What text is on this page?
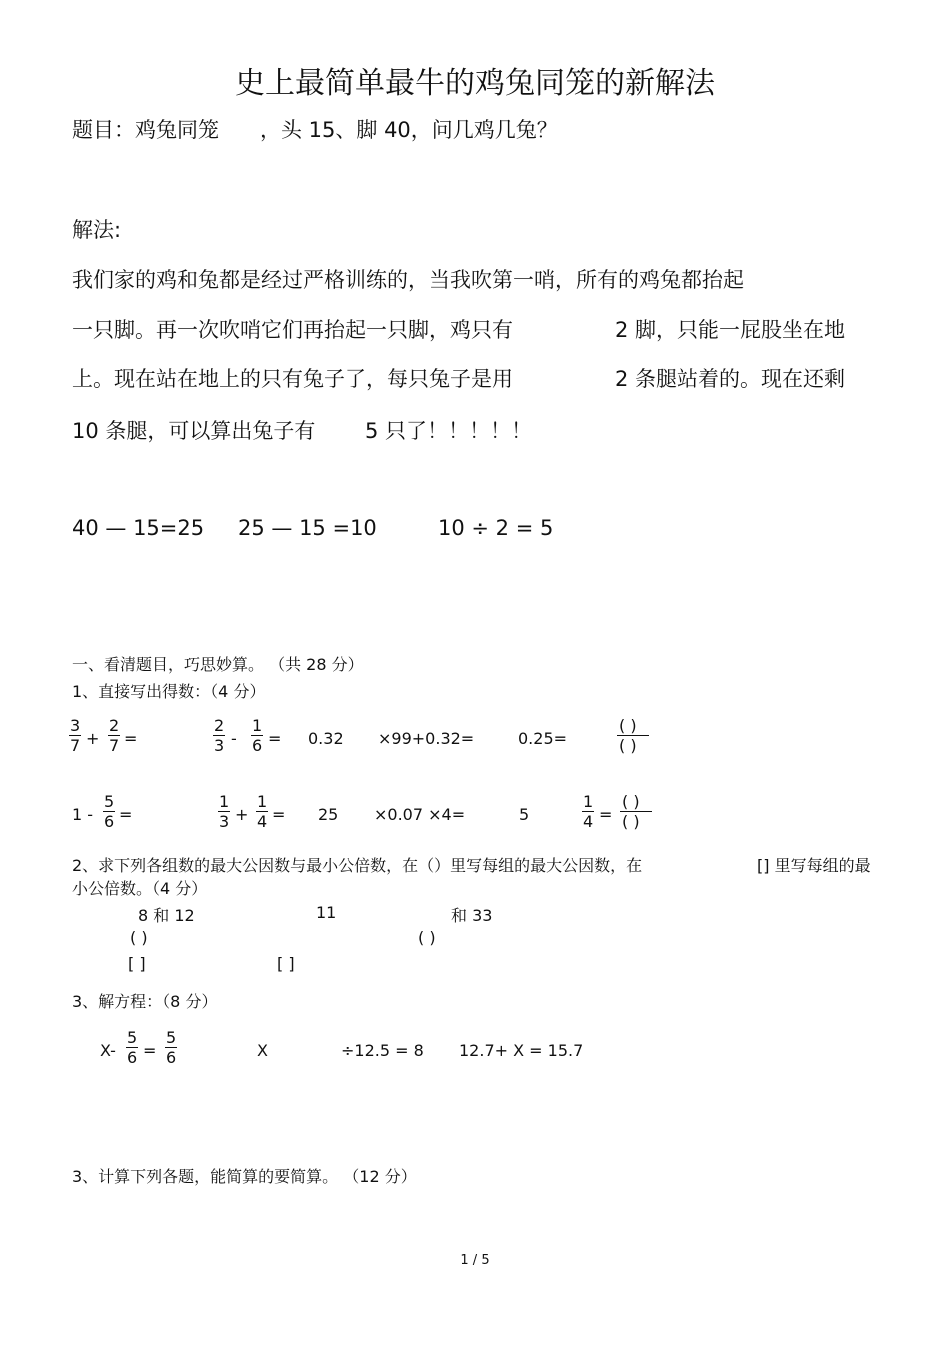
史上最简单最牛的鸡兔同笼的新解法
题目：鸡兔同笼 ，头 15、脚 40，问几鸡几兔？
解法:
我们家的鸡和兔都是经过严格训练的，当我吹第一哨，所有的鸡兔都抬起
一只脚。再一次吹哨它们再抬起一只脚，鸡只有	2 脚，只能一屁股坐在地
上。现在站在地上的只有兔子了，每只兔子是用	2 条腿站着的。现在还剩
10 条腿，可以算出兔子有 5 只了！！！！！
40 — 15=25 25 — 15 =10	10 ÷ 2 = 5
一、看清题目，巧思妙算。 （共 28 分）
1、直接写出得数：（4 分）
$\frac{3}{7} + \frac{2}{7}$ =	$\frac{2}{3} - \frac{1}{6} = 0.32 \times 99+0.32=$	0.25=
( )
( )
$1 - \frac{5}{6}$ =	$\frac{1}{3} + \frac{1}{4} = 25 \times 0.07 \times 4=$	5	$\frac{1}{4}$ =
( )
( )
2、求下列各组数的最大公因数与最小公倍数，在（）里写每组的最大公因数，在	[] 里写每组的最
小公倍数。（4 分）
8 和 12	11	和 33
( )	( )
[ ]	[ ]
3、解方程：（8 分）
$X- \frac{5}{6} = \frac{5}{6}$	X	÷12.5 = 8 12.7+ X = 15.7
3、计算下列各题，能简算的要简算。 （12 分）
1 / 5
